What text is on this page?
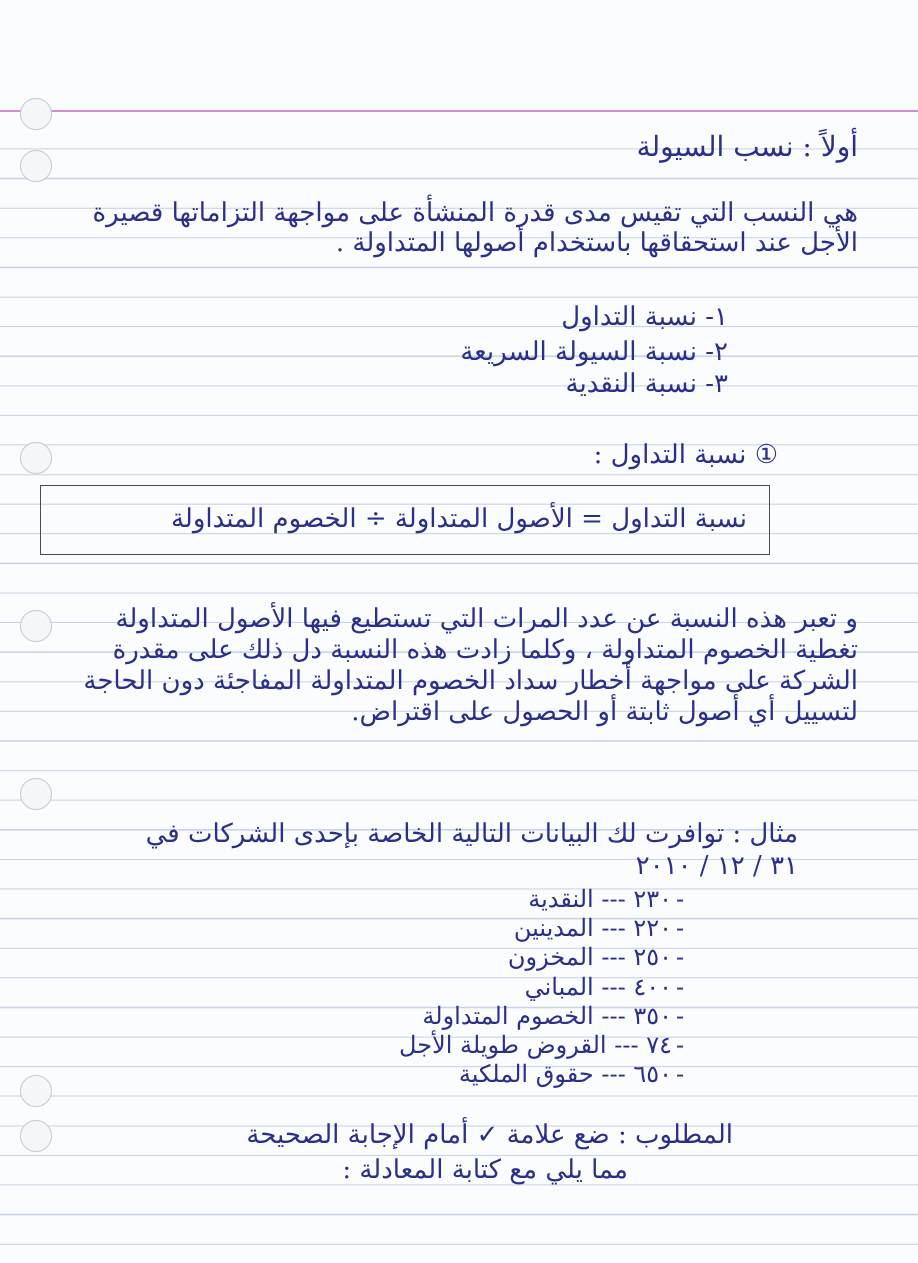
أولاً : نسب السيولة

هي النسب التي تقيس مدى قدرة المنشأة على مواجهة التزاماتها قصيرة الأجل عند استحقاقها باستخدام أصولها المتداولة .

١- نسبة التداول

٢- نسبة السيولة السريعة

٣- نسبة النقدية

① نسبة التداول :

نسبة التداول = الأصول المتداولة ÷ الخصوم المتداولة

و تعبر هذه النسبة عن عدد المرات التي تستطيع فيها الأصول المتداولة تغطية الخصوم المتداولة ، وكلما زادت هذه النسبة دل ذلك على مقدرة الشركة على مواجهة أخطار سداد الخصوم المتداولة المفاجئة دون الحاجة لتسييل أي أصول ثابتة أو الحصول على اقتراض.

مثال : توافرت لك البيانات التالية الخاصة بإحدى الشركات في ٣١ / ١٢ / ٢٠١٠

-
٢٣٠ ---

النقدية
-
٢٢٠ ---

المدينين
-
٢٥٠ ---

المخزون
-
٤٠٠ ---

المباني
-
٣٥٠ ---

الخصوم المتداولة
-
٧٤ ---

القروض طويلة الأجل
-
٦٥٠ ---

حقوق الملكية

المطلوب : ضع علامة ✓ أمام الإجابة الصحيحة

مما يلي مع كتابة المعادلة :
